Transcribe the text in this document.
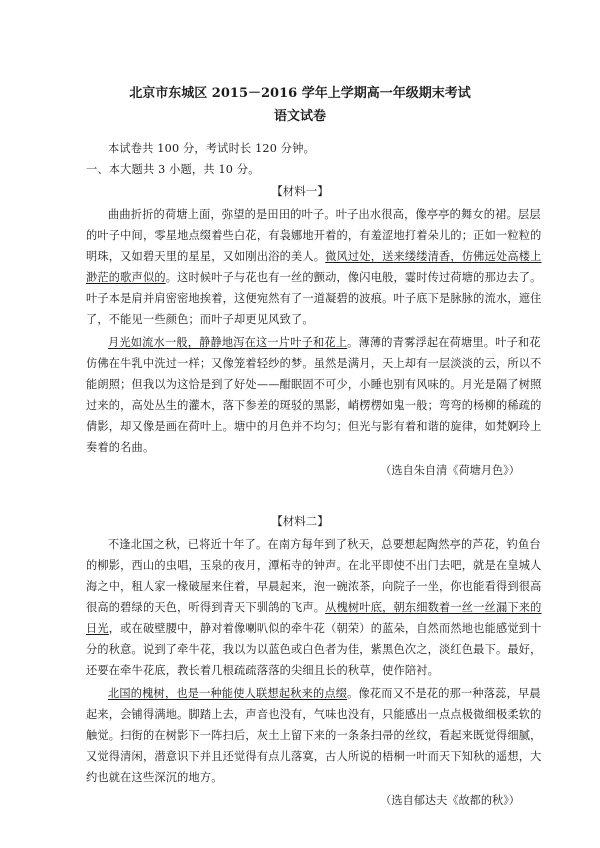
北京市东城区 2015－2016 学年上学期高一年级期末考试
语文试卷
本试卷共 100 分，考试时长 120 分钟。
一、本大题共 3 小题，共 10 分。
【材料一】
曲曲折折的荷塘上面，弥望的是田田的叶子。叶子出水很高，像亭亭的舞女的裙。层层
的叶子中间，零星地点缀着些白花，有袅娜地开着的，有羞涩地打着朵儿的；正如一粒粒的
明珠，又如碧天里的星星，又如刚出浴的美人。微风过处，送来缕缕清香，仿佛远处高楼上
渺茫的歌声似的。这时候叶子与花也有一丝的颤动，像闪电般，霎时传过荷塘的那边去了。
叶子本是肩并肩密密地挨着，这便宛然有了一道凝碧的波痕。叶子底下是脉脉的流水，遮住
了，不能见一些颜色；而叶子却更见风致了。
月光如流水一般，静静地泻在这一片叶子和花上。薄薄的青雾浮起在荷塘里。叶子和花
仿佛在牛乳中洗过一样；又像笼着轻纱的梦。虽然是满月，天上却有一层淡淡的云，所以不
能朗照；但我以为这恰是到了好处——酣眠固不可少，小睡也别有风味的。月光是隔了树照
过来的，高处丛生的灌木，落下参差的斑驳的黑影，峭楞楞如鬼一般；弯弯的杨柳的稀疏的
倩影，却又像是画在荷叶上。塘中的月色并不均匀；但光与影有着和谐的旋律，如梵婀玲上
奏着的名曲。
（选自朱自清《荷塘月色》）
【材料二】
不逢北国之秋，已将近十年了。在南方每年到了秋天，总要想起陶然亭的芦花，钓鱼台
的柳影，西山的虫唱，玉泉的夜月，潭柘寺的钟声。在北平即使不出门去吧，就是在皇城人
海之中，租人家一椽破屋来住着，早晨起来，泡一碗浓茶，向院子一坐，你也能看得到很高
很高的碧绿的天色，听得到青天下驯鸽的飞声。从槐树叶底，朝东细数着一丝一丝漏下来的
日光，或在破壁腰中，静对着像喇叭似的牵牛花（朝荣）的蓝朵，自然而然地也能感觉到十
分的秋意。说到了牵牛花，我以为以蓝色或白色者为佳，紫黑色次之，淡红色最下。最好，
还要在牵牛花底，教长着几根疏疏落落的尖细且长的秋草，使作陪衬。
北国的槐树，也是一种能使人联想起秋来的点缀。像花而又不是花的那一种落蕊，早晨
起来，会铺得满地。脚踏上去，声音也没有，气味也没有，只能感出一点点极微细极柔软的
触觉。扫街的在树影下一阵扫后，灰土上留下来的一条条扫帚的丝纹，看起来既觉得细腻，
又觉得清闲，潜意识下并且还觉得有点儿落寞，古人所说的梧桐一叶而天下知秋的遥想，大
约也就在这些深沉的地方。
（选自郁达夫《故都的秋》）
